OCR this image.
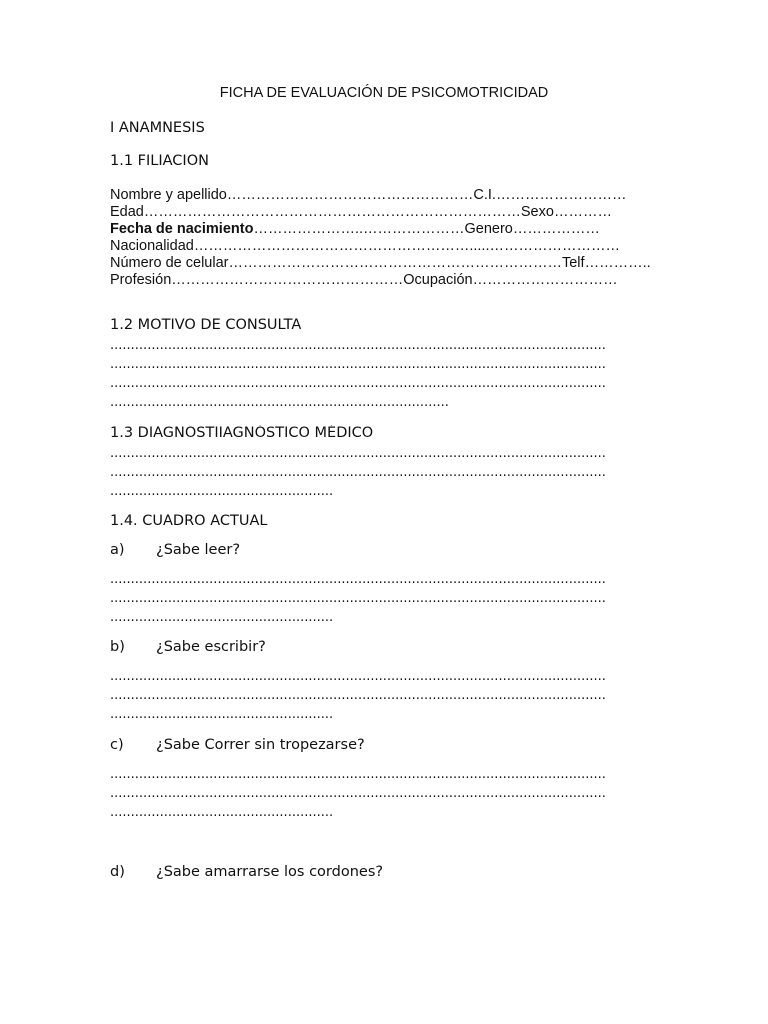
FICHA DE EVALUACIÓN DE PSICOMOTRICIDAD
I ANAMNESIS
1.1 FILIACION
Nombre y apellido……………………………………………C.I.………………………
Edad……………………………………………………………………Sexo…………
Fecha de nacimiento…………………..…………………Genero………………
Nacionalidad………………………………………………….....………………………
Número de celular……………………………………………………………Telf…………..
Profesión…………………………………………Ocupación…………………………
1.2 MOTIVO DE CONSULTA
........................................................................................................................
........................................................................................................................
........................................................................................................................
..................................................................................
1.3 DIAGNOSTIIAGNÓSTICO MÉDICO
........................................................................................................................
........................................................................................................................
......................................................
1.4. CUADRO ACTUAL
a) ¿Sabe leer?
........................................................................................................................
........................................................................................................................
......................................................
b) ¿Sabe escribir?
........................................................................................................................
........................................................................................................................
......................................................
c) ¿Sabe Correr sin tropezarse?
........................................................................................................................
........................................................................................................................
......................................................
d) ¿Sabe amarrarse los cordones?
